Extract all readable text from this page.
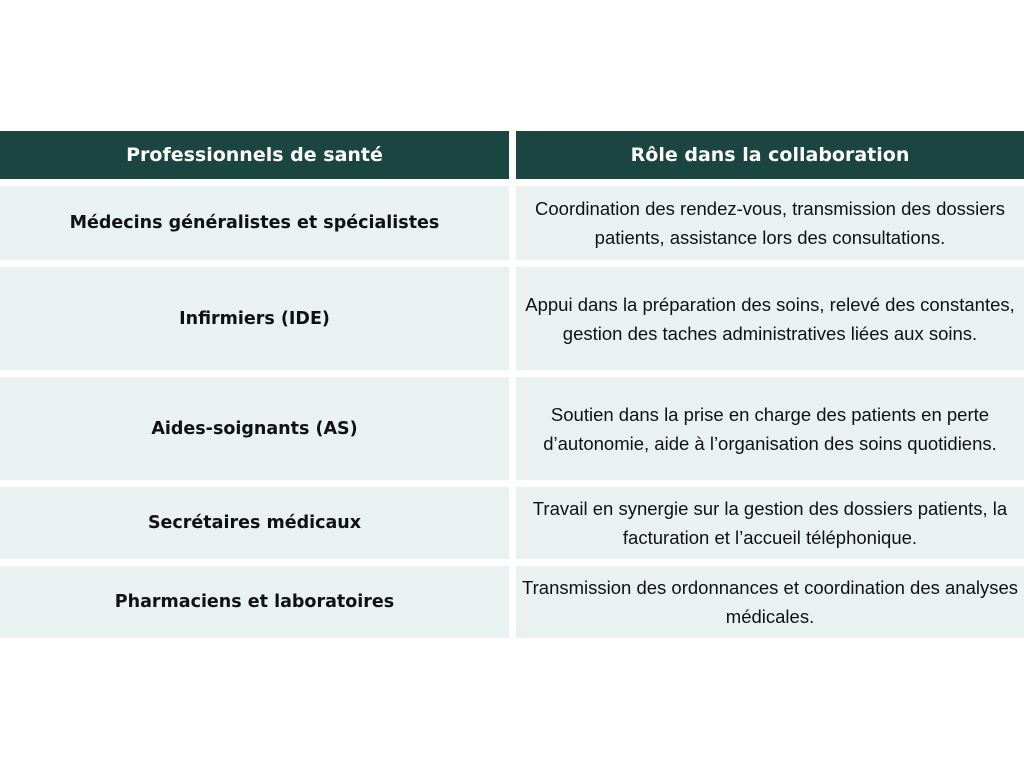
Professionnels de santé	Rôle dans la collaboration
Médecins généralistes et spécialistes
Coordination des rendez-vous, transmission des dossiers patients, assistance lors des consultations.
Infirmiers (IDE)
Appui dans la préparation des soins, relevé des constantes, gestion des taches administratives liées aux soins.
Aides-soignants (AS)
Soutien dans la prise en charge des patients en perte d’autonomie, aide à l’organisation des soins quotidiens.
Secrétaires médicaux
Travail en synergie sur la gestion des dossiers patients, la facturation et l’accueil téléphonique.
Pharmaciens et laboratoires
Transmission des ordonnances et coordination des analyses médicales.
